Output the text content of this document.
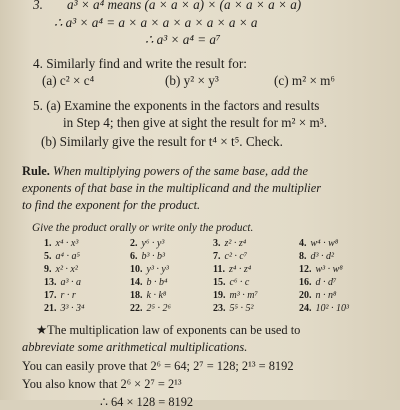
3. a³ × a⁴ means (a × a × a) × (a × a × a × a)
∴ a³ × a⁴ = a × a × a × a × a × a × a
∴ a³ × a⁴ = a⁷
4. Similarly find and write the result for:
(a) c² × c⁴	(b) y² × y³	(c) m² × m⁶
5. (a) Examine the exponents in the factors and results
in Step 4; then give at sight the result for m² × m³.
(b) Similarly give the result for t⁴ × t⁵. Check.
Rule. When multiplying powers of the same base, add the
exponents of that base in the multiplicand and the multiplier
to find the exponent for the product.
Give the product orally or write only the product.
1. x⁴ · x³	2. y⁶ · y³	3. z² · z⁴	4. w⁴ · w⁸
5. a⁴ · a⁵	6. b³ · b³	7. c² · c⁷	8. d³ · d²
9. x² · x²	10. y³ · y³	11. z⁴ · z⁴	12. w³ · w⁸
13. a³ · a	14. b · b⁴	15. c⁶ · c	16. d · d⁷
17. r · r	18. k · k⁸	19. m³ · m⁷	20. n · n⁸
21. 3³ · 3⁴	22. 2⁵ · 2⁶	23. 5⁵ · 5²	24. 10² · 10³
★The multiplication law of exponents can be used to
abbreviate some arithmetical multiplications.
You can easily prove that 2⁶ = 64; 2⁷ = 128; 2¹³ = 8192
You also know that 2⁶ × 2⁷ = 2¹³
∴ 64 × 128 = 8192
